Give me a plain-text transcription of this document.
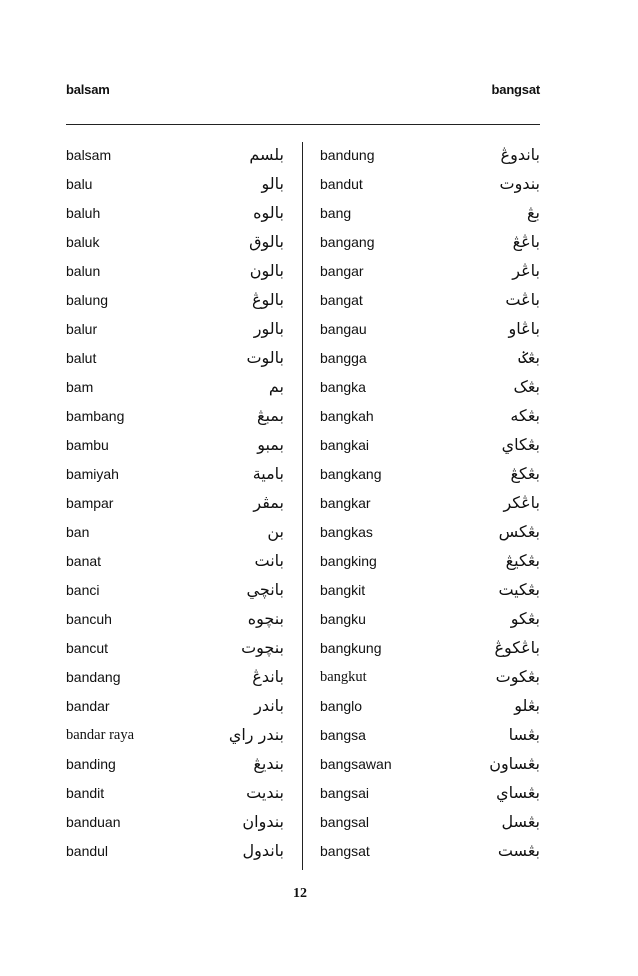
balsam	bangsat
balsam	بلسم
balu	بالو
baluh	بالوه
baluk	بالوق
balun	بالون
balung	بالوڠ
balur	بالور
balut	بالوت
bam	بم
bambang	بمبڠ
bambu	بمبو
bamiyah	بامية
bampar	بمڤر
ban	بن
banat	بانت
banci	بانچي
bancuh	بنچوه
bancut	بنچوت
bandang	باندڠ
bandar	باندر
bandar raya	بندر راي
banding	بنديڠ
bandit	بنديت
banduan	بندوان
bandul	باندول
bandung	باندوڠ
bandut	بندوت
bang	بڠ
bangang	باڠڠ
bangar	باڠر
bangat	باڠت
bangau	باڠاو
bangga	بڠݢ
bangka	بڠک
bangkah	بڠکه
bangkai	بڠکاي
bangkang	بڠکڠ
bangkar	باڠکر
bangkas	بڠکس
bangking	بڠکيڠ
bangkit	بڠکيت
bangku	بڠکو
bangkung	باڠکوڠ
bangkut	بڠکوت
banglo	بڠلو
bangsa	بڠسا
bangsawan	بڠساون
bangsai	بڠساي
bangsal	بڠسل
bangsat	بڠست
12
